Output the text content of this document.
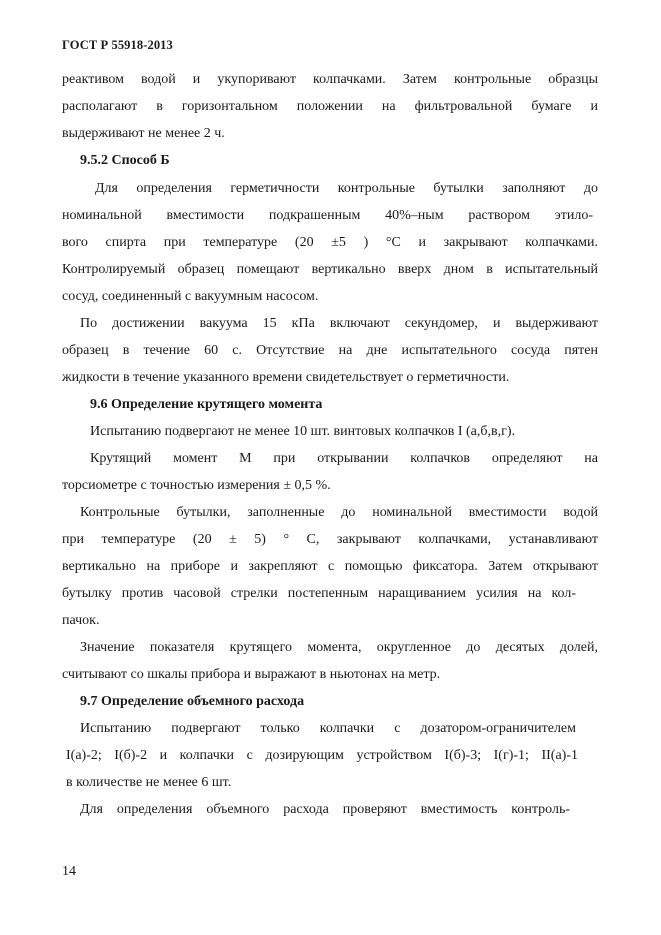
ГОСТ Р 55918-2013
реактивом водой и укупоривают колпачками. Затем контрольные образцы
располагают в горизонтальном положении на фильтровальной бумаге и
выдерживают не менее 2 ч.
9.5.2 Способ Б
Для определения герметичности контрольные бутылки заполняют до
номинальной вместимости подкрашенным 40%–ным раствором этило-
вого спирта при температуре (20 ±5 ) °С и закрывают колпачками.
Контролируемый образец помещают вертикально вверх дном в испытательный
сосуд, соединенный с вакуумным насосом.
По достижении вакуума 15 кПа включают секундомер, и выдерживают
образец в течение 60 с. Отсутствие на дне испытательного сосуда пятен
жидкости в течение указанного времени свидетельствует о герметичности.
9.6 Определение крутящего момента
Испытанию подвергают не менее 10 шт. винтовых колпачков I (а,б,в,г).
Крутящий момент М при открывании колпачков определяют на
торсиометре с точностью измерения ± 0,5 %.
Контрольные бутылки, заполненные до номинальной вместимости водой
при температуре (20 ± 5) ° С, закрывают колпачками, устанавливают
вертикально на приборе и закрепляют с помощью фиксатора. Затем открывают
бутылку против часовой стрелки постепенным наращиванием усилия на кол-
пачок.
Значение показателя крутящего момента, округленное до десятых долей,
считывают со шкалы прибора и выражают в ньютонах на метр.
9.7 Определение объемного расхода
Испытанию подвергают только колпачки с дозатором-ограничителем
I(а)-2; I(б)-2 и колпачки с дозирующим устройством I(б)-3; I(г)-1; II(а)-1
в количестве не менее 6 шт.
Для определения объемного расхода проверяют вместимость контроль-
14
